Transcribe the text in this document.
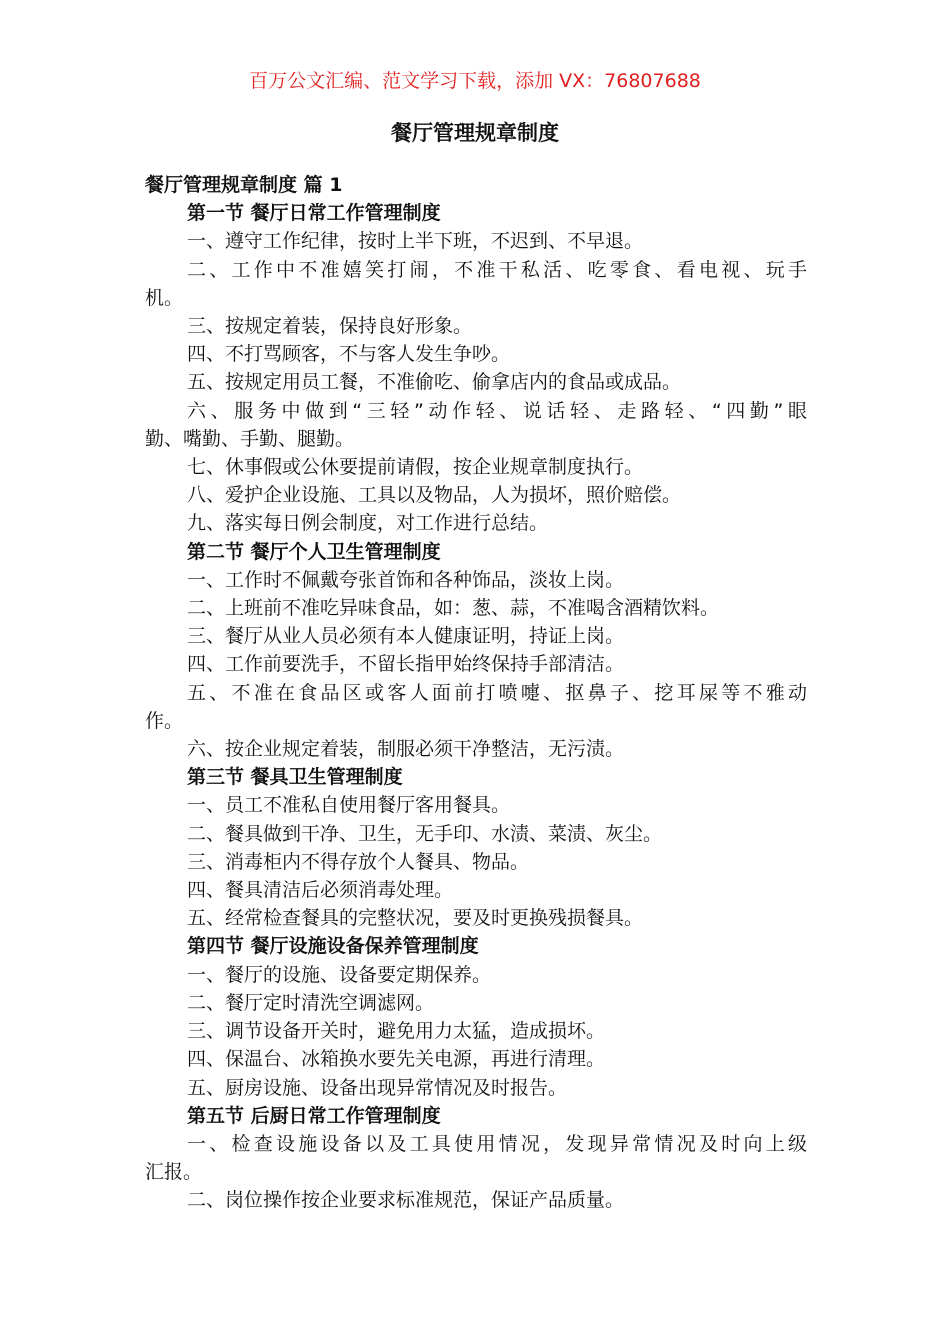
百万公文汇编、范文学习下载，添加 VX：76807688
餐厅管理规章制度
餐厅管理规章制度 篇 1
第一节 餐厅日常工作管理制度
一、遵守工作纪律，按时上半下班，不迟到、不早退。
二、工作中不准嬉笑打闹，不准干私活、吃零食、看电视、玩手
机。
三、按规定着装，保持良好形象。
四、不打骂顾客，不与客人发生争吵。
五、按规定用员工餐，不准偷吃、偷拿店内的食品或成品。
六、服务中做到“三轻”动作轻、说话轻、走路轻、“四勤”眼
勤、嘴勤、手勤、腿勤。
七、休事假或公休要提前请假，按企业规章制度执行。
八、爱护企业设施、工具以及物品，人为损坏，照价赔偿。
九、落实每日例会制度，对工作进行总结。
第二节 餐厅个人卫生管理制度
一、工作时不佩戴夸张首饰和各种饰品，淡妆上岗。
二、上班前不准吃异味食品，如：葱、蒜，不准喝含酒精饮料。
三、餐厅从业人员必须有本人健康证明，持证上岗。
四、工作前要洗手，不留长指甲始终保持手部清洁。
五、不准在食品区或客人面前打喷嚏、抠鼻子、挖耳屎等不雅动
作。
六、按企业规定着装，制服必须干净整洁，无污渍。
第三节 餐具卫生管理制度
一、员工不准私自使用餐厅客用餐具。
二、餐具做到干净、卫生，无手印、水渍、菜渍、灰尘。
三、消毒柜内不得存放个人餐具、物品。
四、餐具清洁后必须消毒处理。
五、经常检查餐具的完整状况，要及时更换残损餐具。
第四节 餐厅设施设备保养管理制度
一、餐厅的设施、设备要定期保养。
二、餐厅定时清洗空调滤网。
三、调节设备开关时，避免用力太猛，造成损坏。
四、保温台、冰箱换水要先关电源，再进行清理。
五、厨房设施、设备出现异常情况及时报告。
第五节 后厨日常工作管理制度
一、检查设施设备以及工具使用情况，发现异常情况及时向上级
汇报。
二、岗位操作按企业要求标准规范，保证产品质量。
